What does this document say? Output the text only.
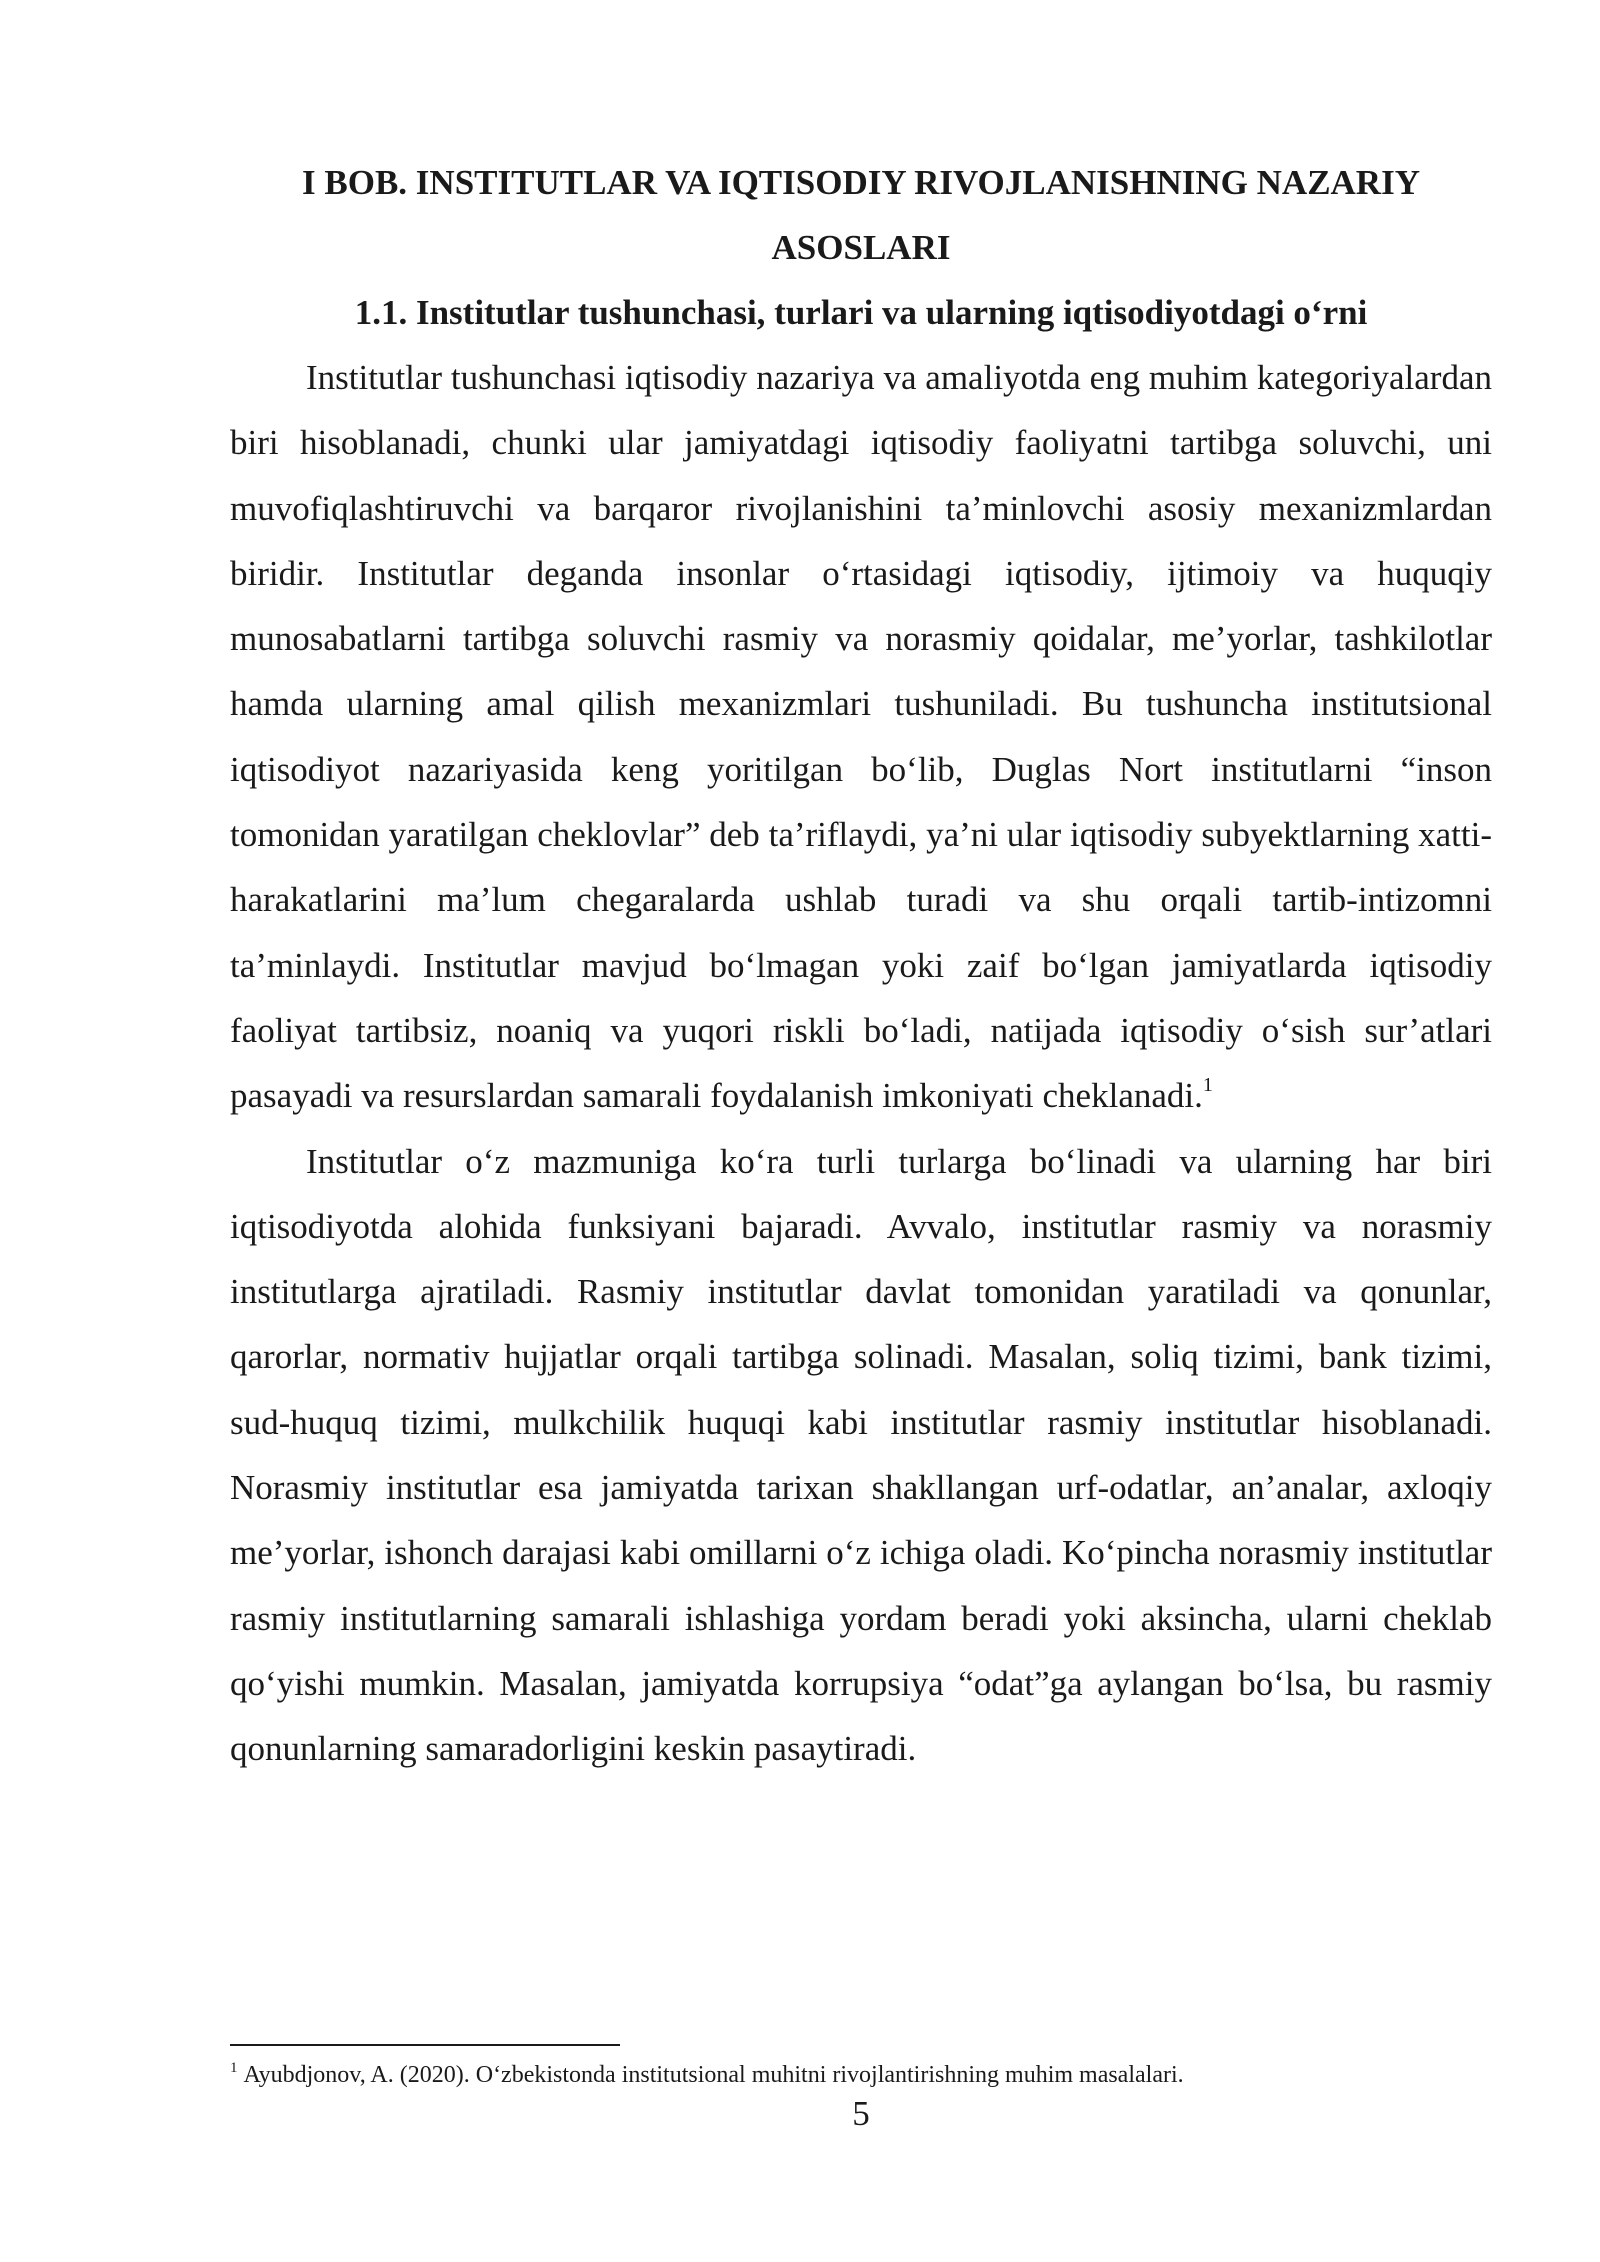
I BOB. INSTITUTLAR VA IQTISODIY RIVOJLANISHNING NAZARIY ASOSLARI
1.1. Institutlar tushunchasi, turlari va ularning iqtisodiyotdagi o‘rni

Institutlar tushunchasi iqtisodiy nazariya va amaliyotda eng muhim kategoriyalardan biri hisoblanadi, chunki ular jamiyatdagi iqtisodiy faoliyatni tartibga soluvchi, uni muvofiqlashtiruvchi va barqaror rivojlanishini ta’minlovchi asosiy mexanizmlardan biridir. Institutlar deganda insonlar o‘rtasidagi iqtisodiy, ijtimoiy va huquqiy munosabatlarni tartibga soluvchi rasmiy va norasmiy qoidalar, me’yorlar, tashkilotlar hamda ularning amal qilish mexanizmlari tushuniladi. Bu tushuncha institutsional iqtisodiyot nazariyasida keng yoritilgan bo‘lib, Duglas Nort institutlarni “inson tomonidan yaratilgan cheklovlar” deb ta’riflaydi, ya’ni ular iqtisodiy subyektlarning xatti-harakatlarini ma’lum chegaralarda ushlab turadi va shu orqali tartib-intizomni ta’minlaydi. Institutlar mavjud bo‘lmagan yoki zaif bo‘lgan jamiyatlarda iqtisodiy faoliyat tartibsiz, noaniq va yuqori riskli bo‘ladi, natijada iqtisodiy o‘sish sur’atlari pasayadi va resurslardan samarali foydalanish imkoniyati cheklanadi.$^1$

Institutlar o‘z mazmuniga ko‘ra turli turlarga bo‘linadi va ularning har biri iqtisodiyotda alohida funksiyani bajaradi. Avvalo, institutlar rasmiy va norasmiy institutlarga ajratiladi. Rasmiy institutlar davlat tomonidan yaratiladi va qonunlar, qarorlar, normativ hujjatlar orqali tartibga solinadi. Masalan, soliq tizimi, bank tizimi, sud-huquq tizimi, mulkchilik huquqi kabi institutlar rasmiy institutlar hisoblanadi. Norasmiy institutlar esa jamiyatda tarixan shakllangan urf-odatlar, an’analar, axloqiy me’yorlar, ishonch darajasi kabi omillarni o‘z ichiga oladi. Ko‘pincha norasmiy institutlar rasmiy institutlarning samarali ishlashiga yordam beradi yoki aksincha, ularni cheklab qo‘yishi mumkin. Masalan, jamiyatda korrupsiya “odat”ga aylangan bo‘lsa, bu rasmiy qonunlarning samaradorligini keskin pasaytiradi.

$^1$ Ayubdjonov, A. (2020). O‘zbekistonda institutsional muhitni rivojlantirishning muhim masalalari.
5
